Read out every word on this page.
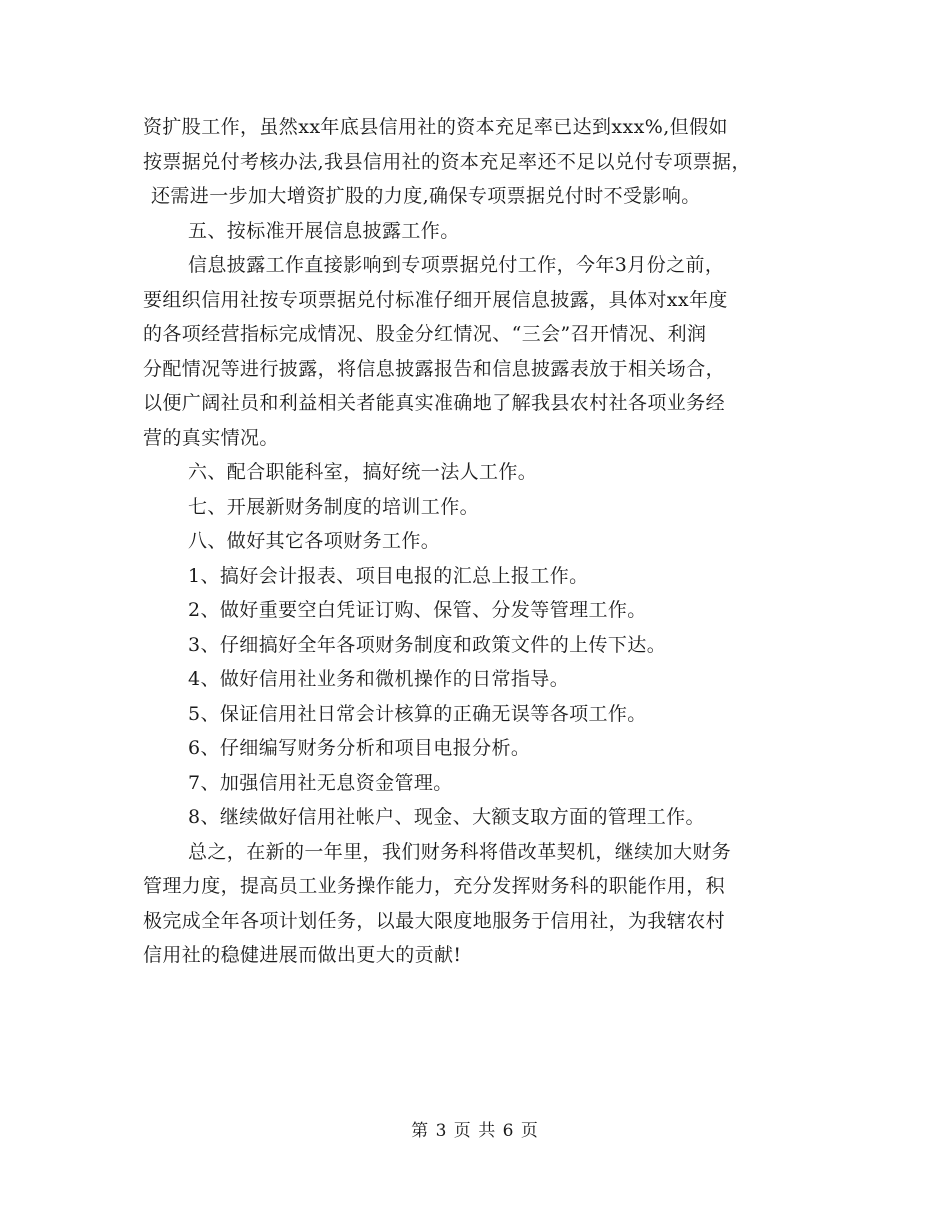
资扩股工作，虽然xx年底县信用社的资本充足率已达到xxx%,但假如
按票据兑付考核办法,我县信用社的资本充足率还不足以兑付专项票据，
还需进一步加大增资扩股的力度,确保专项票据兑付时不受影响。
五、按标准开展信息披露工作。
信息披露工作直接影响到专项票据兑付工作，今年3月份之前，
要组织信用社按专项票据兑付标准仔细开展信息披露，具体对xx年度
的各项经营指标完成情况、股金分红情况、“三会”召开情况、利润
分配情况等进行披露，将信息披露报告和信息披露表放于相关场合，
以便广阔社员和利益相关者能真实准确地了解我县农村社各项业务经
营的真实情况。
六、配合职能科室，搞好统一法人工作。
七、开展新财务制度的培训工作。
八、做好其它各项财务工作。
1、搞好会计报表、项目电报的汇总上报工作。
2、做好重要空白凭证订购、保管、分发等管理工作。
3、仔细搞好全年各项财务制度和政策文件的上传下达。
4、做好信用社业务和微机操作的日常指导。
5、保证信用社日常会计核算的正确无误等各项工作。
6、仔细编写财务分析和项目电报分析。
7、加强信用社无息资金管理。
8、继续做好信用社帐户、现金、大额支取方面的管理工作。
总之，在新的一年里，我们财务科将借改革契机，继续加大财务
管理力度，提高员工业务操作能力，充分发挥财务科的职能作用，积
极完成全年各项计划任务，以最大限度地服务于信用社，为我辖农村
信用社的稳健进展而做出更大的贡献!
第 3 页 共 6 页
